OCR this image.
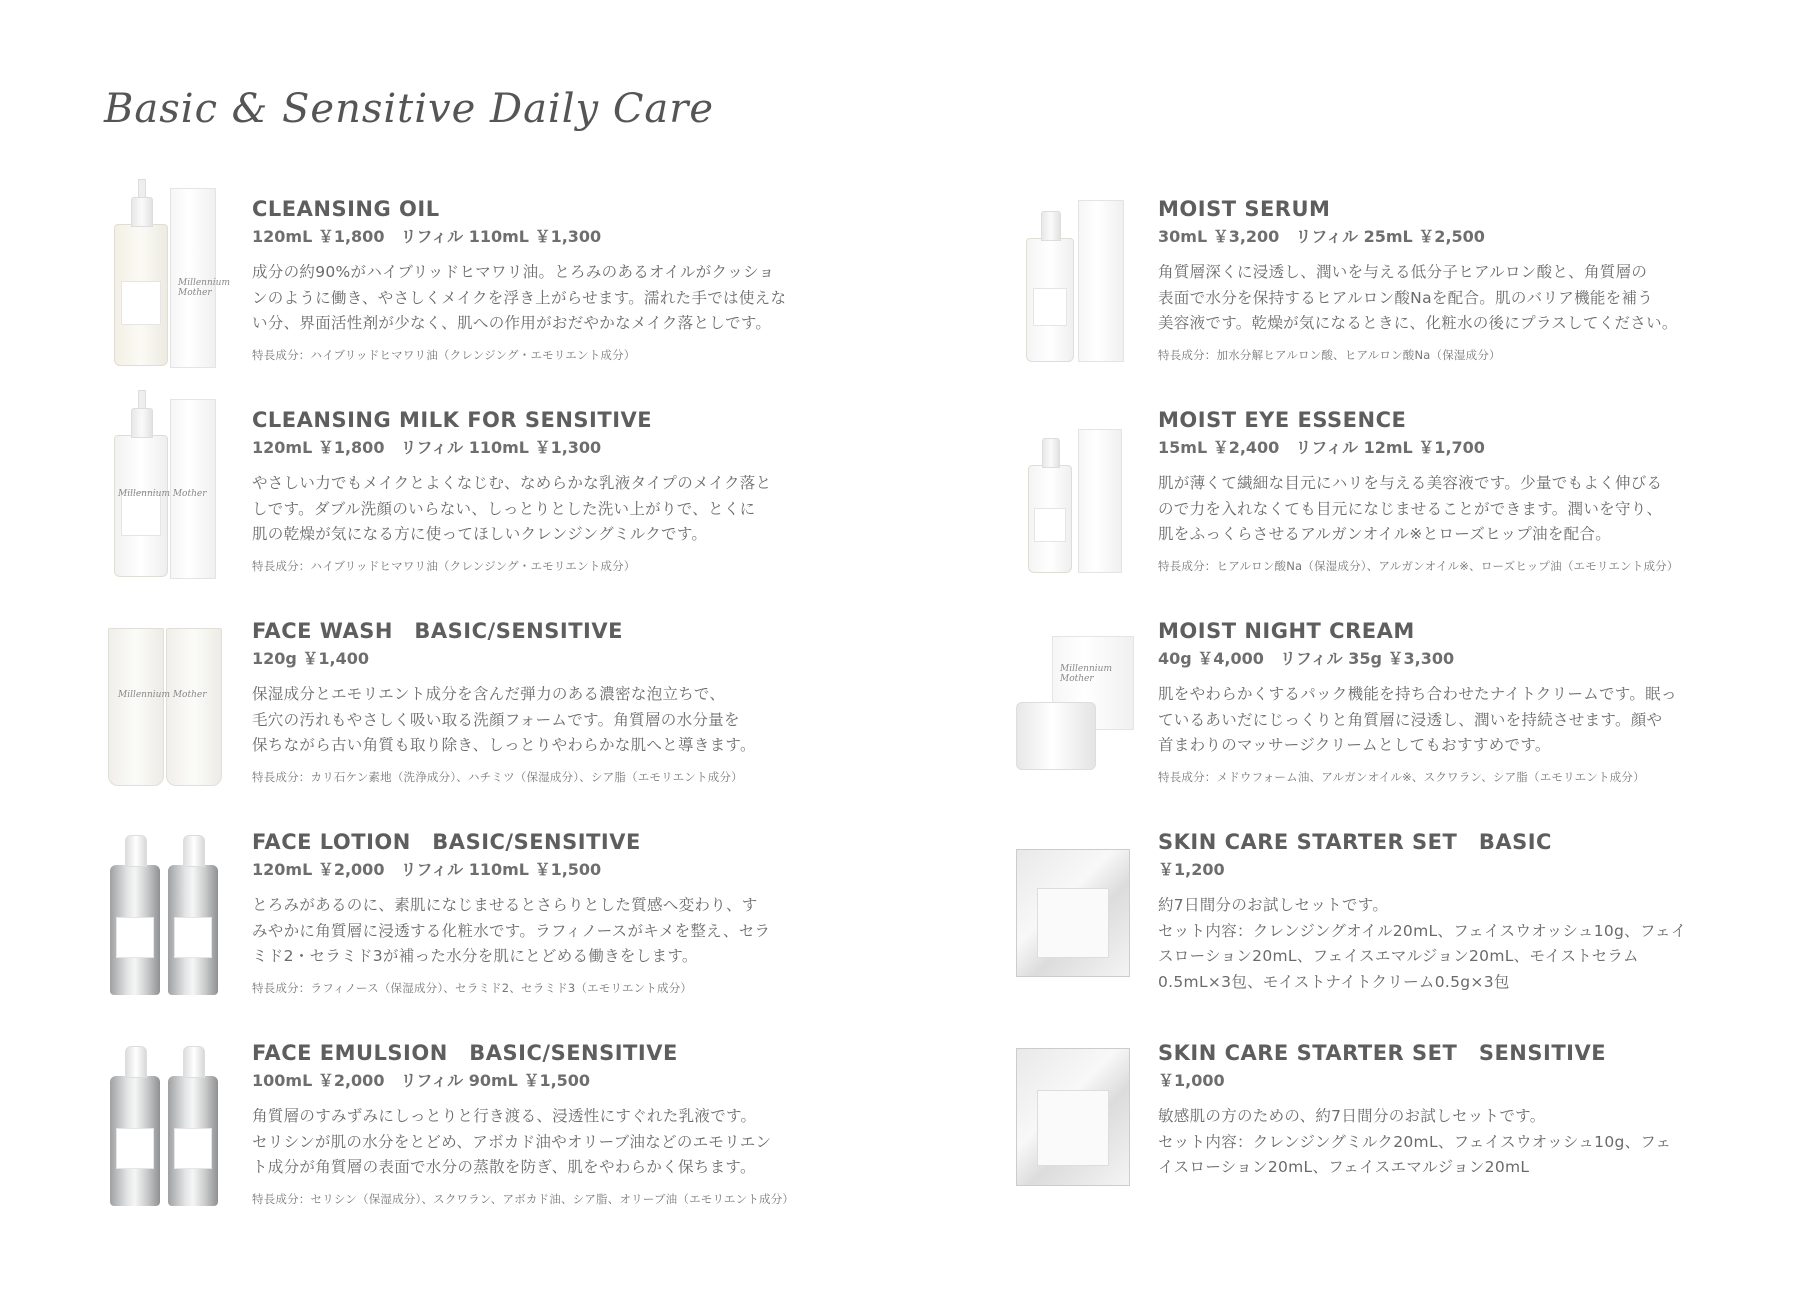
Basic & Sensitive Daily Care
Millennium Mother
CLEANSING OIL
120mL ￥1,800　リフィル 110mL ￥1,300
成分の約90%がハイブリッドヒマワリ油。とろみのあるオイルがクッショ
ンのように働き、やさしくメイクを浮き上がらせます。濡れた手では使えな
い分、界面活性剤が少なく、肌への作用がおだやかなメイク落としです。
特長成分：ハイブリッドヒマワリ油（クレンジング・エモリエント成分）
Millennium Mother
CLEANSING MILK FOR SENSITIVE
120mL ￥1,800　リフィル 110mL ￥1,300
やさしい力でもメイクとよくなじむ、なめらかな乳液タイプのメイク落と
しです。ダブル洗顔のいらない、しっとりとした洗い上がりで、とくに
肌の乾燥が気になる方に使ってほしいクレンジングミルクです。
特長成分：ハイブリッドヒマワリ油（クレンジング・エモリエント成分）
Millennium Mother
FACE WASH　BASIC/SENSITIVE
120g ￥1,400
保湿成分とエモリエント成分を含んだ弾力のある濃密な泡立ちで、
毛穴の汚れもやさしく吸い取る洗顔フォームです。角質層の水分量を
保ちながら古い角質も取り除き、しっとりやわらかな肌へと導きます。
特長成分：カリ石ケン素地（洗浄成分）、ハチミツ（保湿成分）、シア脂（エモリエント成分）
FACE LOTION　BASIC/SENSITIVE
120mL ￥2,000　リフィル 110mL ￥1,500
とろみがあるのに、素肌になじませるとさらりとした質感へ変わり、す
みやかに角質層に浸透する化粧水です。ラフィノースがキメを整え、セラ
ミド2・セラミド3が補った水分を肌にとどめる働きをします。
特長成分：ラフィノース（保湿成分）、セラミド2、セラミド3（エモリエント成分）
FACE EMULSION　BASIC/SENSITIVE
100mL ￥2,000　リフィル 90mL ￥1,500
角質層のすみずみにしっとりと行き渡る、浸透性にすぐれた乳液です。
セリシンが肌の水分をとどめ、アボカド油やオリーブ油などのエモリエン
ト成分が角質層の表面で水分の蒸散を防ぎ、肌をやわらかく保ちます。
特長成分：セリシン（保湿成分）、スクワラン、アボカド油、シア脂、オリーブ油（エモリエント成分）
MOIST SERUM
30mL ￥3,200　リフィル 25mL ￥2,500
角質層深くに浸透し、潤いを与える低分子ヒアルロン酸と、角質層の
表面で水分を保持するヒアルロン酸Naを配合。肌のバリア機能を補う
美容液です。乾燥が気になるときに、化粧水の後にプラスしてください。
特長成分：加水分解ヒアルロン酸、ヒアルロン酸Na（保湿成分）
MOIST EYE ESSENCE
15mL ￥2,400　リフィル 12mL ￥1,700
肌が薄くて繊細な目元にハリを与える美容液です。少量でもよく伸びる
ので力を入れなくても目元になじませることができます。潤いを守り、
肌をふっくらさせるアルガンオイル※とローズヒップ油を配合。
特長成分：ヒアルロン酸Na（保湿成分）、アルガンオイル※、ローズヒップ油（エモリエント成分）
Millennium Mother
MOIST NIGHT CREAM
40g ￥4,000　リフィル 35g ￥3,300
肌をやわらかくするパック機能を持ち合わせたナイトクリームです。眠っ
ているあいだにじっくりと角質層に浸透し、潤いを持続させます。顔や
首まわりのマッサージクリームとしてもおすすめです。
特長成分：メドウフォーム油、アルガンオイル※、スクワラン、シア脂（エモリエント成分）
SKIN CARE STARTER SET　BASIC
￥1,200
約7日間分のお試しセットです。
セット内容：クレンジングオイル20mL、フェイスウオッシュ10g、フェイ
スローション20mL、フェイスエマルジョン20mL、モイストセラム
0.5mL×3包、モイストナイトクリーム0.5g×3包
SKIN CARE STARTER SET　SENSITIVE
￥1,000
敏感肌の方のための、約7日間分のお試しセットです。
セット内容：クレンジングミルク20mL、フェイスウオッシュ10g、フェ
イスローション20mL、フェイスエマルジョン20mL
